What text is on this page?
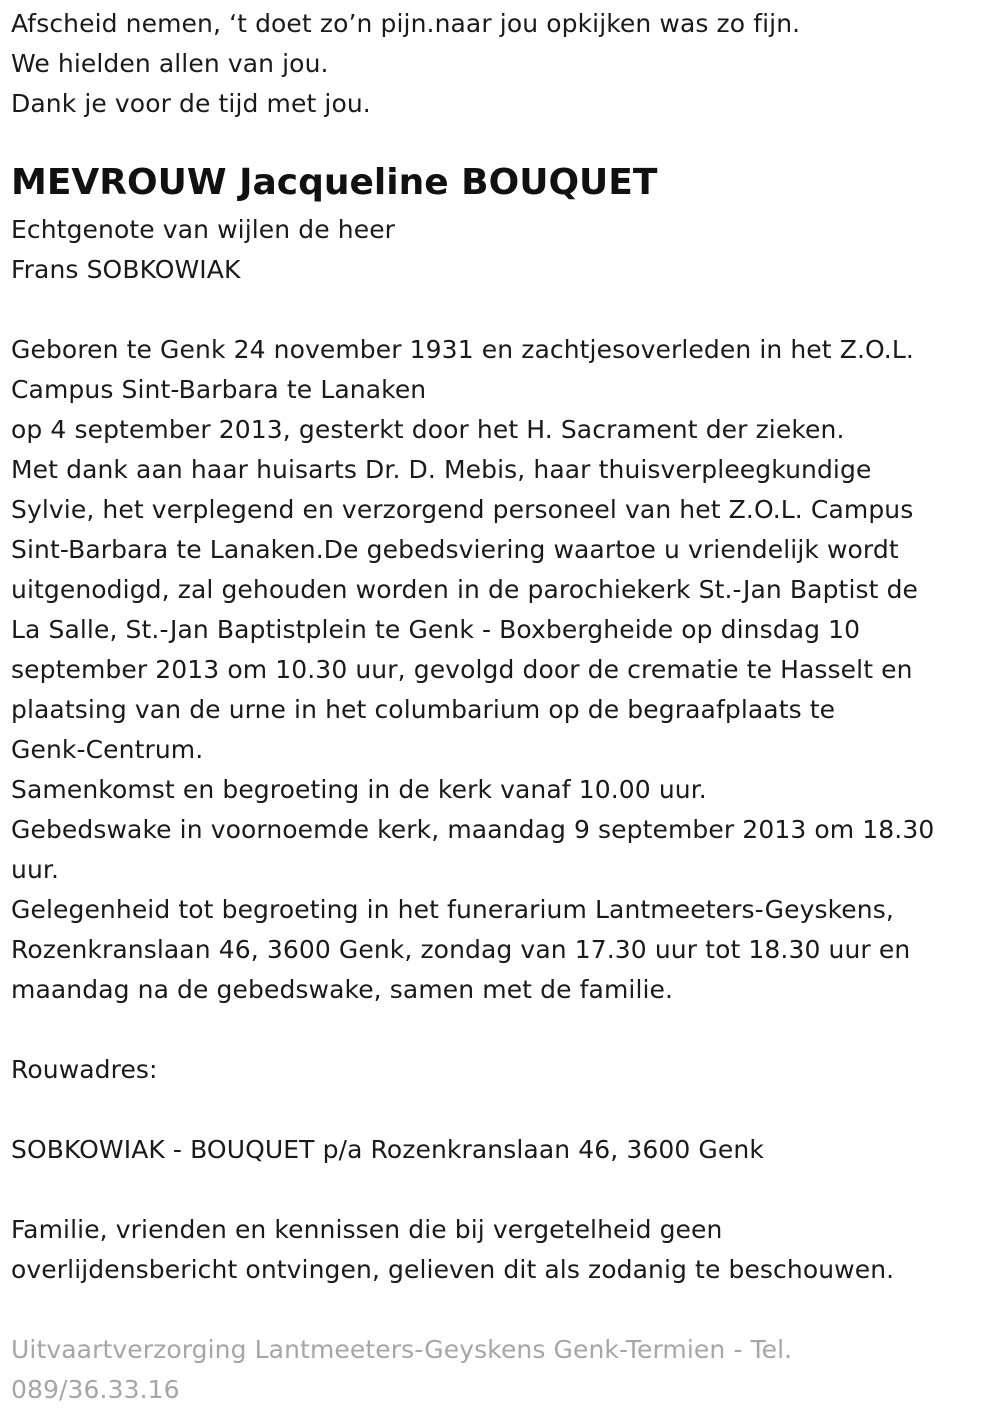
Afscheid nemen, ‘t doet zo’n pijn.naar jou opkijken was zo fijn.
We hielden allen van jou.
Dank je voor de tijd met jou.
MEVROUW Jacqueline BOUQUET
Echtgenote van wijlen de heer
Frans SOBKOWIAK
Geboren te Genk 24 november 1931 en zachtjesoverleden in het Z.O.L.
Campus Sint-Barbara te Lanaken
op 4 september 2013, gesterkt door het H. Sacrament der zieken.
Met dank aan haar huisarts Dr. D. Mebis, haar thuisverpleegkundige
Sylvie, het verplegend en verzorgend personeel van het Z.O.L. Campus
Sint-Barbara te Lanaken.De gebedsviering waartoe u vriendelijk wordt
uitgenodigd, zal gehouden worden in de parochiekerk St.-Jan Baptist de
La Salle, St.-Jan Baptistplein te Genk - Boxbergheide op dinsdag 10
september 2013 om 10.30 uur, gevolgd door de crematie te Hasselt en
plaatsing van de urne in het columbarium op de begraafplaats te
Genk-Centrum.
Samenkomst en begroeting in de kerk vanaf 10.00 uur.
Gebedswake in voornoemde kerk, maandag 9 september 2013 om 18.30
uur.
Gelegenheid tot begroeting in het funerarium Lantmeeters-Geyskens,
Rozenkranslaan 46, 3600 Genk, zondag van 17.30 uur tot 18.30 uur en
maandag na de gebedswake, samen met de familie.
Rouwadres:
SOBKOWIAK - BOUQUET p/a Rozenkranslaan 46, 3600 Genk
Familie, vrienden en kennissen die bij vergetelheid geen
overlijdensbericht ontvingen, gelieven dit als zodanig te beschouwen.
Uitvaartverzorging Lantmeeters-Geyskens Genk-Termien - Tel.
089/36.33.16
